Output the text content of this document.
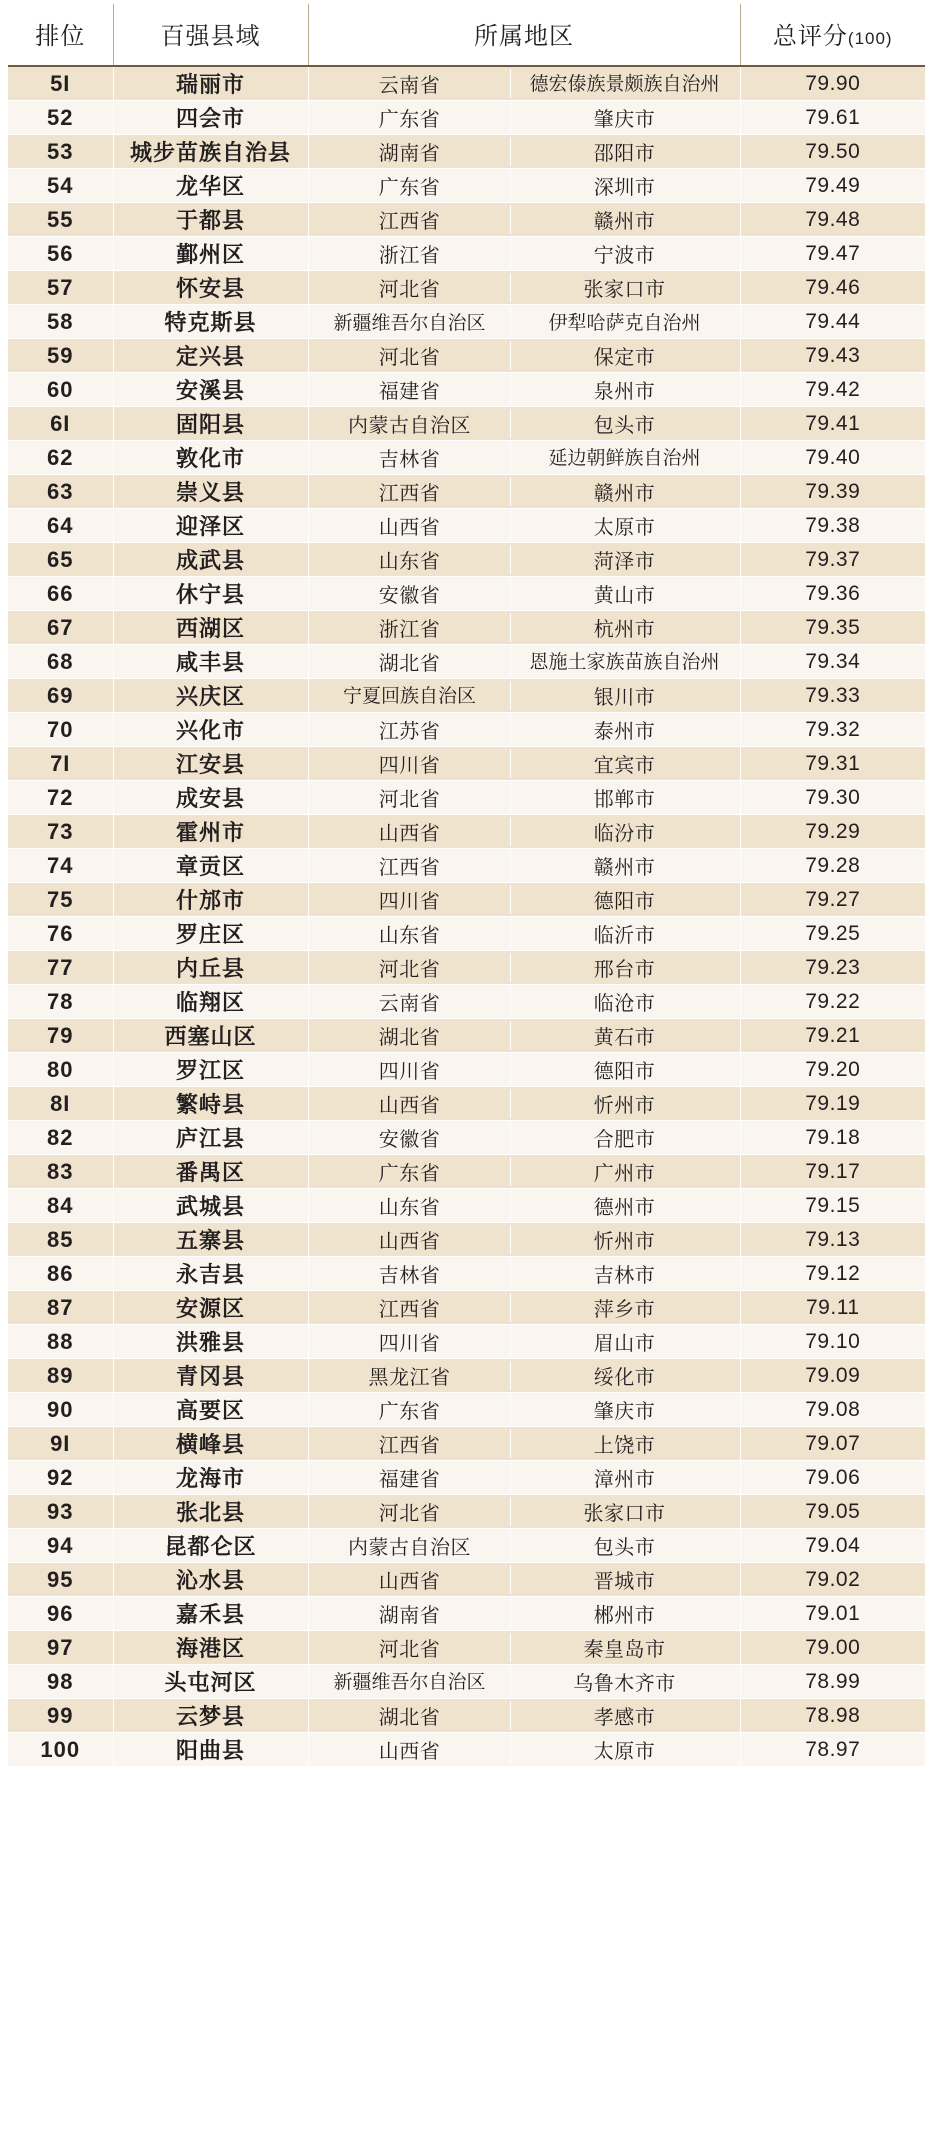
排位	百强县域	所属地区	总评分(100)
5I	瑞丽市	云南省 德宏傣族景颇族自治州	79.90
52	四会市	广东省 肇庆市	79.61
53	城步苗族自治县	湖南省 邵阳市	79.50
54	龙华区	广东省 深圳市	79.49
55	于都县	江西省 赣州市	79.48
56	鄞州区	浙江省 宁波市	79.47
57	怀安县	河北省 张家口市	79.46
58	特克斯县	新疆维吾尔自治区 伊犁哈萨克自治州	79.44
59	定兴县	河北省 保定市	79.43
60	安溪县	福建省 泉州市	79.42
6I	固阳县	内蒙古自治区 包头市	79.41
62	敦化市	吉林省 延边朝鲜族自治州	79.40
63	崇义县	江西省 赣州市	79.39
64	迎泽区	山西省 太原市	79.38
65	成武县	山东省 菏泽市	79.37
66	休宁县	安徽省 黄山市	79.36
67	西湖区	浙江省 杭州市	79.35
68	咸丰县	湖北省 恩施土家族苗族自治州	79.34
69	兴庆区	宁夏回族自治区 银川市	79.33
70	兴化市	江苏省 泰州市	79.32
7I	江安县	四川省 宜宾市	79.31
72	成安县	河北省 邯郸市	79.30
73	霍州市	山西省 临汾市	79.29
74	章贡区	江西省 赣州市	79.28
75	什邡市	四川省 德阳市	79.27
76	罗庄区	山东省 临沂市	79.25
77	内丘县	河北省 邢台市	79.23
78	临翔区	云南省 临沧市	79.22
79	西塞山区	湖北省 黄石市	79.21
80	罗江区	四川省 德阳市	79.20
8I	繁峙县	山西省 忻州市	79.19
82	庐江县	安徽省 合肥市	79.18
83	番禺区	广东省 广州市	79.17
84	武城县	山东省 德州市	79.15
85	五寨县	山西省 忻州市	79.13
86	永吉县	吉林省 吉林市	79.12
87	安源区	江西省 萍乡市	79.11
88	洪雅县	四川省 眉山市	79.10
89	青冈县	黑龙江省 绥化市	79.09
90	高要区	广东省 肇庆市	79.08
9I	横峰县	江西省 上饶市	79.07
92	龙海市	福建省 漳州市	79.06
93	张北县	河北省 张家口市	79.05
94	昆都仑区	内蒙古自治区 包头市	79.04
95	沁水县	山西省 晋城市	79.02
96	嘉禾县	湖南省 郴州市	79.01
97	海港区	河北省 秦皇岛市	79.00
98	头屯河区	新疆维吾尔自治区 乌鲁木齐市	78.99
99	云梦县	湖北省 孝感市	78.98
100	阳曲县	山西省 太原市	78.97
